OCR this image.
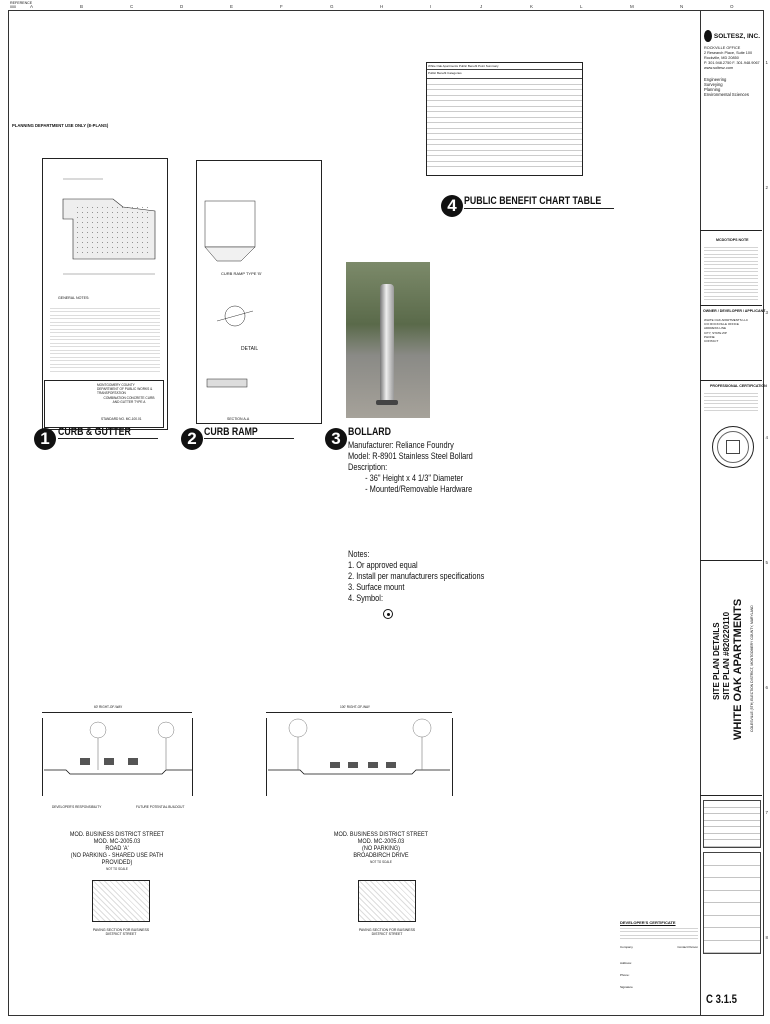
REFERENCE
000	A	B	C	D	E	F	G	H	I	J	K	L	M	N	O
1
2
3
4
5
6
7
8
PLANNING DEPARTMENT USE ONLY (E-PLANS)
White Oak Apartments Public Benefit Point Summary
Public Benefit Categories
4 PUBLIC BENEFIT CHART TABLE
GENERAL NOTES:
MONTGOMERY COUNTY DEPARTMENT OF PUBLIC WORKS & TRANSPORTATION
COMBINATION CONCRETE CURB AND GUTTER TYPE A
STANDARD NO. MC-100.01
1 CURB & GUTTER
CURB RAMP TYPE 'B'
DETAIL
SECTION A-A
2 CURB RAMP	3 BOLLARD
Manufacturer: Reliance Foundry
Model: R-8901 Stainless Steel Bollard
Description:
- 36" Height x 4 1/3" Diameter
- Mounted/Removable Hardware
Notes:
1. Or approved equal
2. Install per manufacturers specifications
3. Surface mount
4. Symbol:
60' RIGHT-OF-WAY
DEVELOPER'S RESPONSIBILITY	FUTURE POTENTIAL BUILDOUT
MOD. BUSINESS DISTRICT STREET
MOD. MC-2005.03
ROAD 'A'
(NO PARKING - SHARED USE PATH PROVIDED)
NOT TO SCALE
PAVING SECTION FOR BUSINESS DISTRICT STREET
100' RIGHT-OF-WAY
MOD. BUSINESS DISTRICT STREET
MOD. MC-2005.03
(NO PARKING)
BROADBIRCH DRIVE
NOT TO SCALE
PAVING SECTION FOR BUSINESS DISTRICT STREET
SOLTESZ, INC.
ROCKVILLE OFFICE
2 Research Place, Suite 100
Rockville, MD 20850
P. 301.948.2750 F. 301.948.9067
www.soltesz.com
Engineering
Surveying
Planning
Environmental Sciences
MCDOT/DPS NOTE
OWNER / DEVELOPER / APPLICANT
WHITE OAK APARTMENTS LLC
C/O ROCKVILLE OFFICE
ADDRESS LINE
CITY, STATE ZIP
PHONE
CONTACT
PROFESSIONAL CERTIFICATION
SITE PLAN DETAILS SITE PLAN #820220110 WHITE OAK APARTMENTS COLESVILLE (5TH) ELECTION DISTRICT, MONTGOMERY COUNTY, MARYLAND
DEVELOPER'S CERTIFICATE
Company	Contact Person
Address:
Phone:
Signature
C 3.1.5
